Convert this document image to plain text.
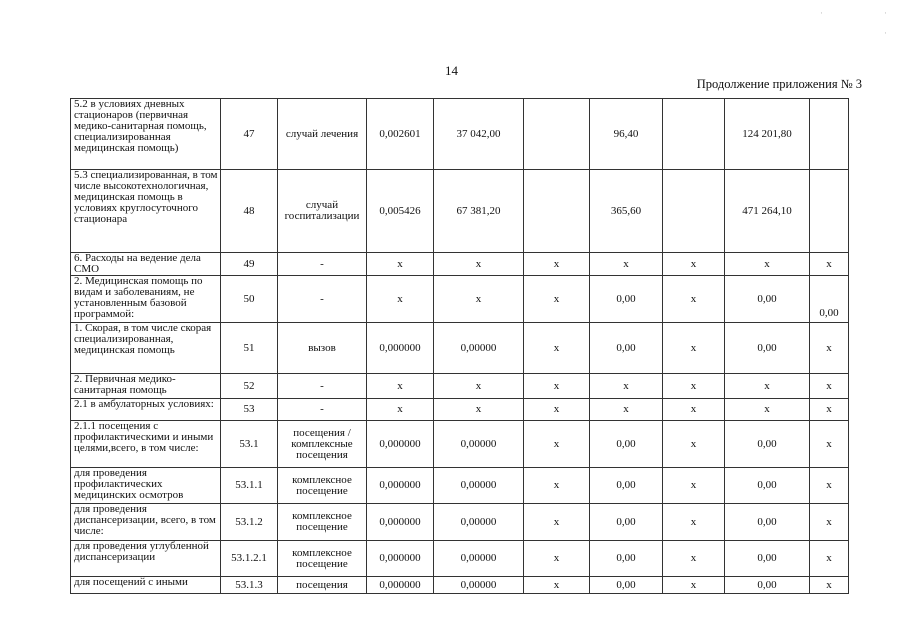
14
Продолжение приложения № 3
5.2 в условиях дневных стационаров (первичная медико-санитарная помощь, специализированная медицинская помощь)	47	случай лечения	0,002601	37 042,00		96,40		124 201,80	
5.3 специализированная, в том числе высокотехнологичная, медицинская помощь в условиях круглосуточного стационара	48	случай госпитализации	0,005426	67 381,20		365,60		471 264,10	
6. Расходы на ведение дела СМО	49	-	x	x	x	x	x	x	x
2. Медицинская помощь по видам и заболеваниям, не установленным базовой программой:	50	-	x	x	x	0,00	x	0,00	0,00
1. Скорая, в том числе скорая специализированная, медицинская помощь	51	вызов	0,000000	0,00000	x	0,00	x	0,00	x
2. Первичная медико-санитарная помощь	52	-	x	x	x	x	x	x	x
2.1 в амбулаторных условиях:	53	-	x	x	x	x	x	x	x
2.1.1 посещения с профилактическими и иными целями,всего, в том числе:	53.1	посещения / комплексные посещения	0,000000	0,00000	x	0,00	x	0,00	x
для проведения профилактических медицинских осмотров	53.1.1	комплексное посещение	0,000000	0,00000	x	0,00	x	0,00	x
для проведения диспансеризации, всего, в том числе:	53.1.2	комплексное посещение	0,000000	0,00000	x	0,00	x	0,00	x
для проведения углубленной диспансеризации	53.1.2.1	комплексное посещение	0,000000	0,00000	x	0,00	x	0,00	x
для посещений с иными	53.1.3	посещения	0,000000	0,00000	x	0,00	x	0,00	x
·
·
·
